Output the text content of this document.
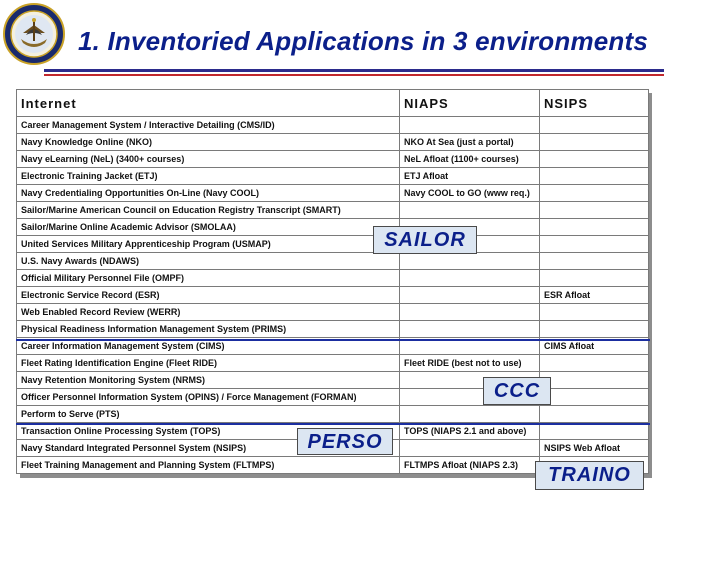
1. Inventoried Applications in 3 environments
Internet	NIAPS	NSIPS
Career Management System / Interactive Detailing (CMS/ID)		
Navy Knowledge Online (NKO)	NKO At Sea (just a portal)	
Navy eLearning (NeL) (3400+ courses)	NeL Afloat (1100+ courses)	
Electronic Training Jacket (ETJ)	ETJ Afloat	
Navy Credentialing Opportunities On-Line (Navy COOL)	Navy COOL to GO (www req.)	
Sailor/Marine American Council on Education Registry Transcript (SMART)		
Sailor/Marine Online Academic Advisor (SMOLAA)		
United Services Military Apprenticeship Program (USMAP)		
U.S. Navy Awards (NDAWS)		
Official Military Personnel File (OMPF)		
Electronic Service Record (ESR)		ESR Afloat
Web Enabled Record Review (WERR)		
Physical Readiness Information Management System (PRIMS)		
Career Information Management System (CIMS)		CIMS Afloat
Fleet Rating Identification Engine (Fleet RIDE)	Fleet RIDE (best not to use)	
Navy Retention Monitoring System (NRMS)		
Officer Personnel Information System (OPINS) / Force Management (FORMAN)		
Perform to Serve (PTS)		
Transaction Online Processing System (TOPS)	TOPS (NIAPS 2.1 and above)	
Navy Standard Integrated Personnel System (NSIPS)		NSIPS Web Afloat
Fleet Training Management and Planning System (FLTMPS)	FLTMPS Afloat (NIAPS 2.3)	
SAILOR
CCC
PERSO
TRAINO
